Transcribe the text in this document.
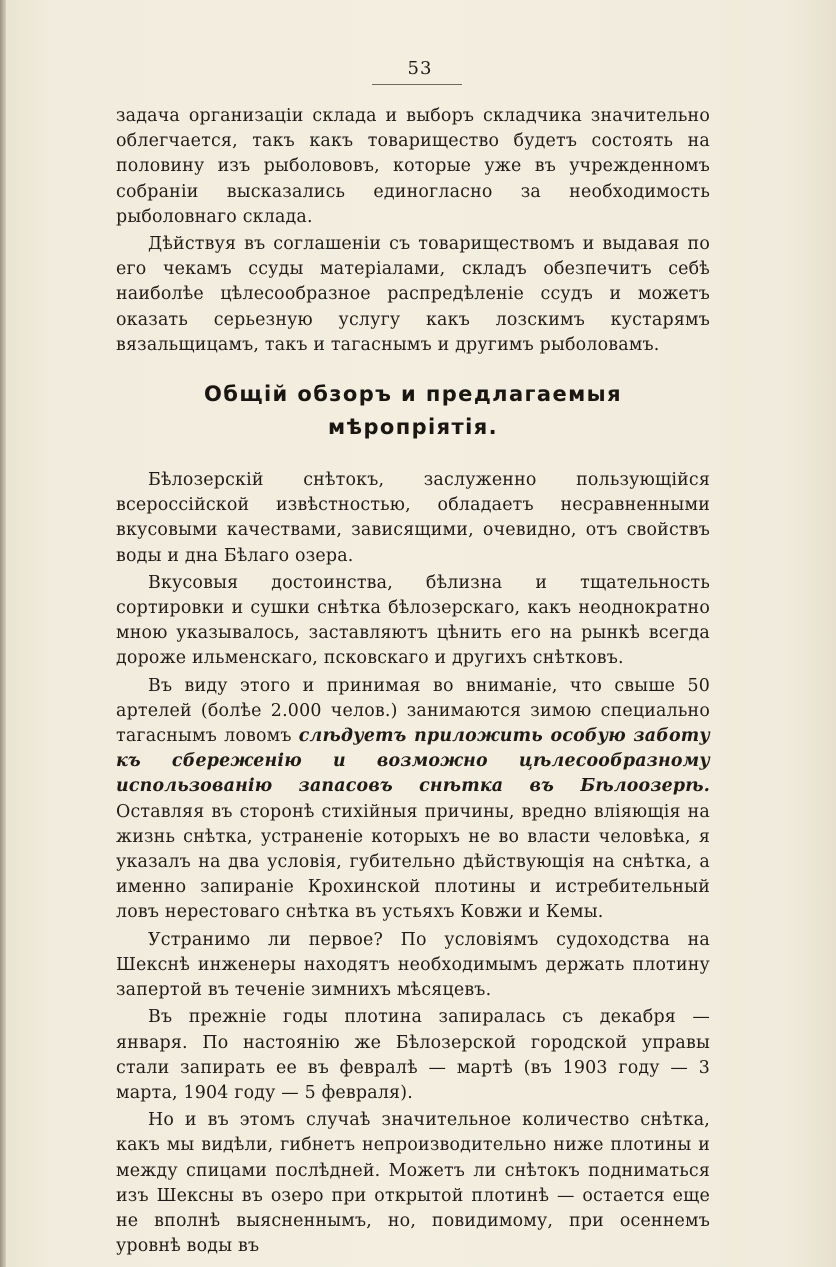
53

задача организацiи склада и выборъ складчика значительно облегчается, такъ какъ товарищество будетъ состоять на половину изъ рыболововъ, которые уже въ учрежденномъ собранiи высказались единогласно за необходимость рыболовнаго склада.

Дѣйствуя въ соглашенiи съ товариществомъ и выдавая по его чекамъ ссуды матерiалами, складъ обезпечитъ себѣ наиболѣе цѣлесообразное распредѣленiе ссудъ и можетъ оказать серьезную услугу какъ лозскимъ кустарямъ вязальщицамъ, такъ и тагаснымъ и другимъ рыболовамъ.

Общiй обзоръ и предлагаемыя мѣропрiятiя.

Бѣлозерскiй снѣтокъ, заслуженно пользующiйся всероссiйской извѣстностью, обладаетъ несравненными вкусовыми качествами, зависящими, очевидно, отъ свойствъ воды и дна Бѣлаго озера.

Вкусовыя достоинства, бѣлизна и тщательность сортировки и сушки снѣтка бѣлозерскаго, какъ неоднократно мною указывалось, заставляютъ цѣнить его на рынкѣ всегда дороже ильменскаго, псковскаго и другихъ снѣтковъ.

Въ виду этого и принимая во вниманiе, что свыше 50 артелей (болѣе 2.000 челов.) занимаются зимою специально тагаснымъ ловомъ слѣдуетъ приложить особую заботу къ сбереженiю и возможно цѣлесообразному использованiю запасовъ снѣтка въ Бѣлоозерѣ. Оставляя въ сторонѣ стихiйныя причины, вредно влiяющiя на жизнь снѣтка, устраненiе которыхъ не во власти человѣка, я указалъ на два условiя, губительно дѣйствующiя на снѣтка, а именно запиранiе Крохинской плотины и истребительный ловъ нерестоваго снѣтка въ устьяхъ Ковжи и Кемы.

Устранимо ли первое? По условiямъ судоходства на Шекснѣ инженеры находятъ необходимымъ держать плотину запертой въ теченiе зимнихъ мѣсяцевъ.

Въ прежнiе годы плотина запиралась съ декабря — января. По настоянiю же Бѣлозерской городской управы стали запирать ее въ февралѣ — мартѣ (въ 1903 году — 3 марта, 1904 году — 5 февраля).

Но и въ этомъ случаѣ значительное количество снѣтка, какъ мы видѣли, гибнетъ непроизводительно ниже плотины и между спицами послѣдней. Можетъ ли снѣтокъ подниматься изъ Шексны въ озеро при открытой плотинѣ — остается еще не вполнѣ выясненнымъ, но, повидимому, при осеннемъ уровнѣ воды въ
